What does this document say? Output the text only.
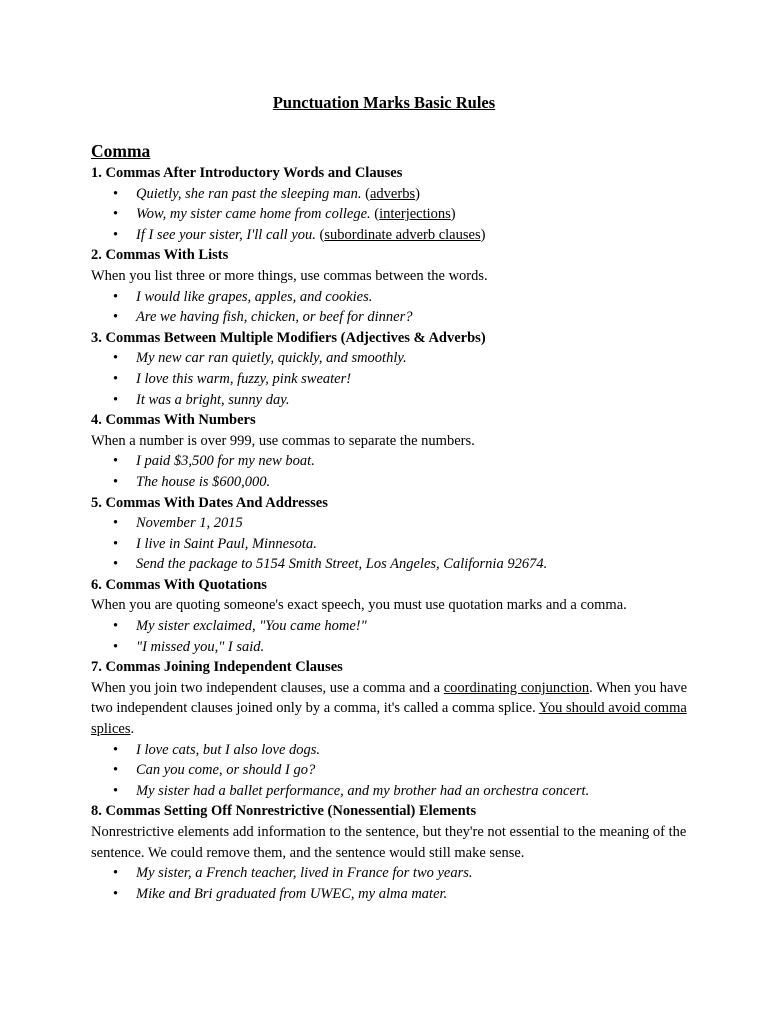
Punctuation Marks Basic Rules
Comma
1. Commas After Introductory Words and Clauses
• Quietly, she ran past the sleeping man. (adverbs)
• Wow, my sister came home from college. (interjections)
• If I see your sister, I'll call you. (subordinate adverb clauses)
2. Commas With Lists
When you list three or more things, use commas between the words.
• I would like grapes, apples, and cookies.
• Are we having fish, chicken, or beef for dinner?
3. Commas Between Multiple Modifiers (Adjectives & Adverbs)
• My new car ran quietly, quickly, and smoothly.
• I love this warm, fuzzy, pink sweater!
• It was a bright, sunny day.
4. Commas With Numbers
When a number is over 999, use commas to separate the numbers.
• I paid $3,500 for my new boat.
• The house is $600,000.
5. Commas With Dates And Addresses
• November 1, 2015
• I live in Saint Paul, Minnesota.
• Send the package to 5154 Smith Street, Los Angeles, California 92674.
6. Commas With Quotations
When you are quoting someone's exact speech, you must use quotation marks and a comma.
• My sister exclaimed, "You came home!"
• "I missed you," I said.
7. Commas Joining Independent Clauses
When you join two independent clauses, use a comma and a coordinating conjunction. When you have two independent clauses joined only by a comma, it's called a comma splice. You should avoid comma splices.
• I love cats, but I also love dogs.
• Can you come, or should I go?
• My sister had a ballet performance, and my brother had an orchestra concert.
8. Commas Setting Off Nonrestrictive (Nonessential) Elements
Nonrestrictive elements add information to the sentence, but they're not essential to the meaning of the sentence. We could remove them, and the sentence would still make sense.
• My sister, a French teacher, lived in France for two years.
• Mike and Bri graduated from UWEC, my alma mater.
